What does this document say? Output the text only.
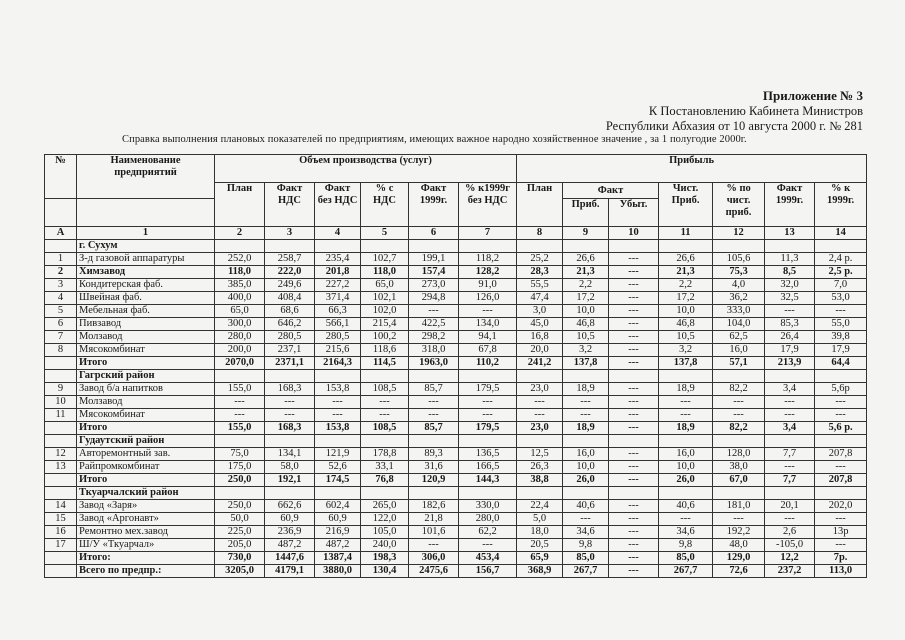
Приложение № 3
К Постановлению Кабинета Министров
Республики Абхазия от 10 августа 2000 г. № 281
Справка выполнения плановых показателей по предприятиям, имеющих важное народно хозяйственное значение , за 1 полугодие 2000г.
№	Наименование предприятий	Объем производства (услуг)						Прибыль						
		План	Факт НДС	Факт без НДС	% с НДС	Факт 1999г.	% к1999г без НДС	План	Факт		Чист. Приб.	% по чист. приб.	Факт 1999г.	% к 1999г.
									Приб.	Убыт.				
А	1	2	3	4	5	6	7	8	9	10	11	12	13	14
	г. Сухум													
1	З-д газовой аппаратуры	252,0	258,7	235,4	102,7	199,1	118,2	25,2	26,6	---	26,6	105,6	11,3	2,4 р.
2	Химзавод	118,0	222,0	201,8	118,0	157,4	128,2	28,3	21,3	---	21,3	75,3	8,5	2,5 р.
3	Кондитерская фаб.	385,0	249,6	227,2	65,0	273,0	91,0	55,5	2,2	---	2,2	4,0	32,0	7,0
4	Швейная фаб.	400,0	408,4	371,4	102,1	294,8	126,0	47,4	17,2	---	17,2	36,2	32,5	53,0
5	Мебельная фаб.	65,0	68,6	66,3	102,0	---	---	3,0	10,0	---	10,0	333,0	---	---
6	Пивзавод	300,0	646,2	566,1	215,4	422,5	134,0	45,0	46,8	---	46,8	104,0	85,3	55,0
7	Молзавод	280,0	280,5	280,5	100,2	298,2	94,1	16,8	10,5	---	10,5	62,5	26,4	39,8
8	Мясокомбинат	200,0	237,1	215,6	118,6	318,0	67,8	20,0	3,2	---	3,2	16,0	17,9	17,9
	Итого	2070,0	2371,1	2164,3	114,5	1963,0	110,2	241,2	137,8	---	137,8	57,1	213,9	64,4
	Гагрский район													
9	Завод б/а напитков	155,0	168,3	153,8	108,5	85,7	179,5	23,0	18,9	---	18,9	82,2	3,4	5,6р
10	Молзавод	---	---	---	---	---	---	---	---	---	---	---	---	---
11	Мясокомбинат	---	---	---	---	---	---	---	---	---	---	---	---	---
	Итого	155,0	168,3	153,8	108,5	85,7	179,5	23,0	18,9	---	18,9	82,2	3,4	5,6 р.
	Гудаутский район													
12	Авторемонтный зав.	75,0	134,1	121,9	178,8	89,3	136,5	12,5	16,0	---	16,0	128,0	7,7	207,8
13	Райпромкомбинат	175,0	58,0	52,6	33,1	31,6	166,5	26,3	10,0	---	10,0	38,0	---	---
	Итого	250,0	192,1	174,5	76,8	120,9	144,3	38,8	26,0	---	26,0	67,0	7,7	207,8
	Ткуарчалский район													
14	Завод «Заря»	250,0	662,6	602,4	265,0	182,6	330,0	22,4	40,6	---	40,6	181,0	20,1	202,0
15	Завод «Аргонавт»	50,0	60,9	60,9	122,0	21,8	280,0	5,0	---	---	---	---	---	---
16	Ремонтно мех.завод	225,0	236,9	216,9	105,0	101,6	62,2	18,0	34,6	---	34,6	192,2	2,6	13р
17	Ш/У «Ткуарчал»	205,0	487,2	487,2	240,0	---	---	20,5	9,8	---	9,8	48,0	-105,0	---
	Итого:	730,0	1447,6	1387,4	198,3	306,0	453,4	65,9	85,0	---	85,0	129,0	12,2	7р.
	Всего по предпр.:	3205,0	4179,1	3880,0	130,4	2475,6	156,7	368,9	267,7	---	267,7	72,6	237,2	113,0
